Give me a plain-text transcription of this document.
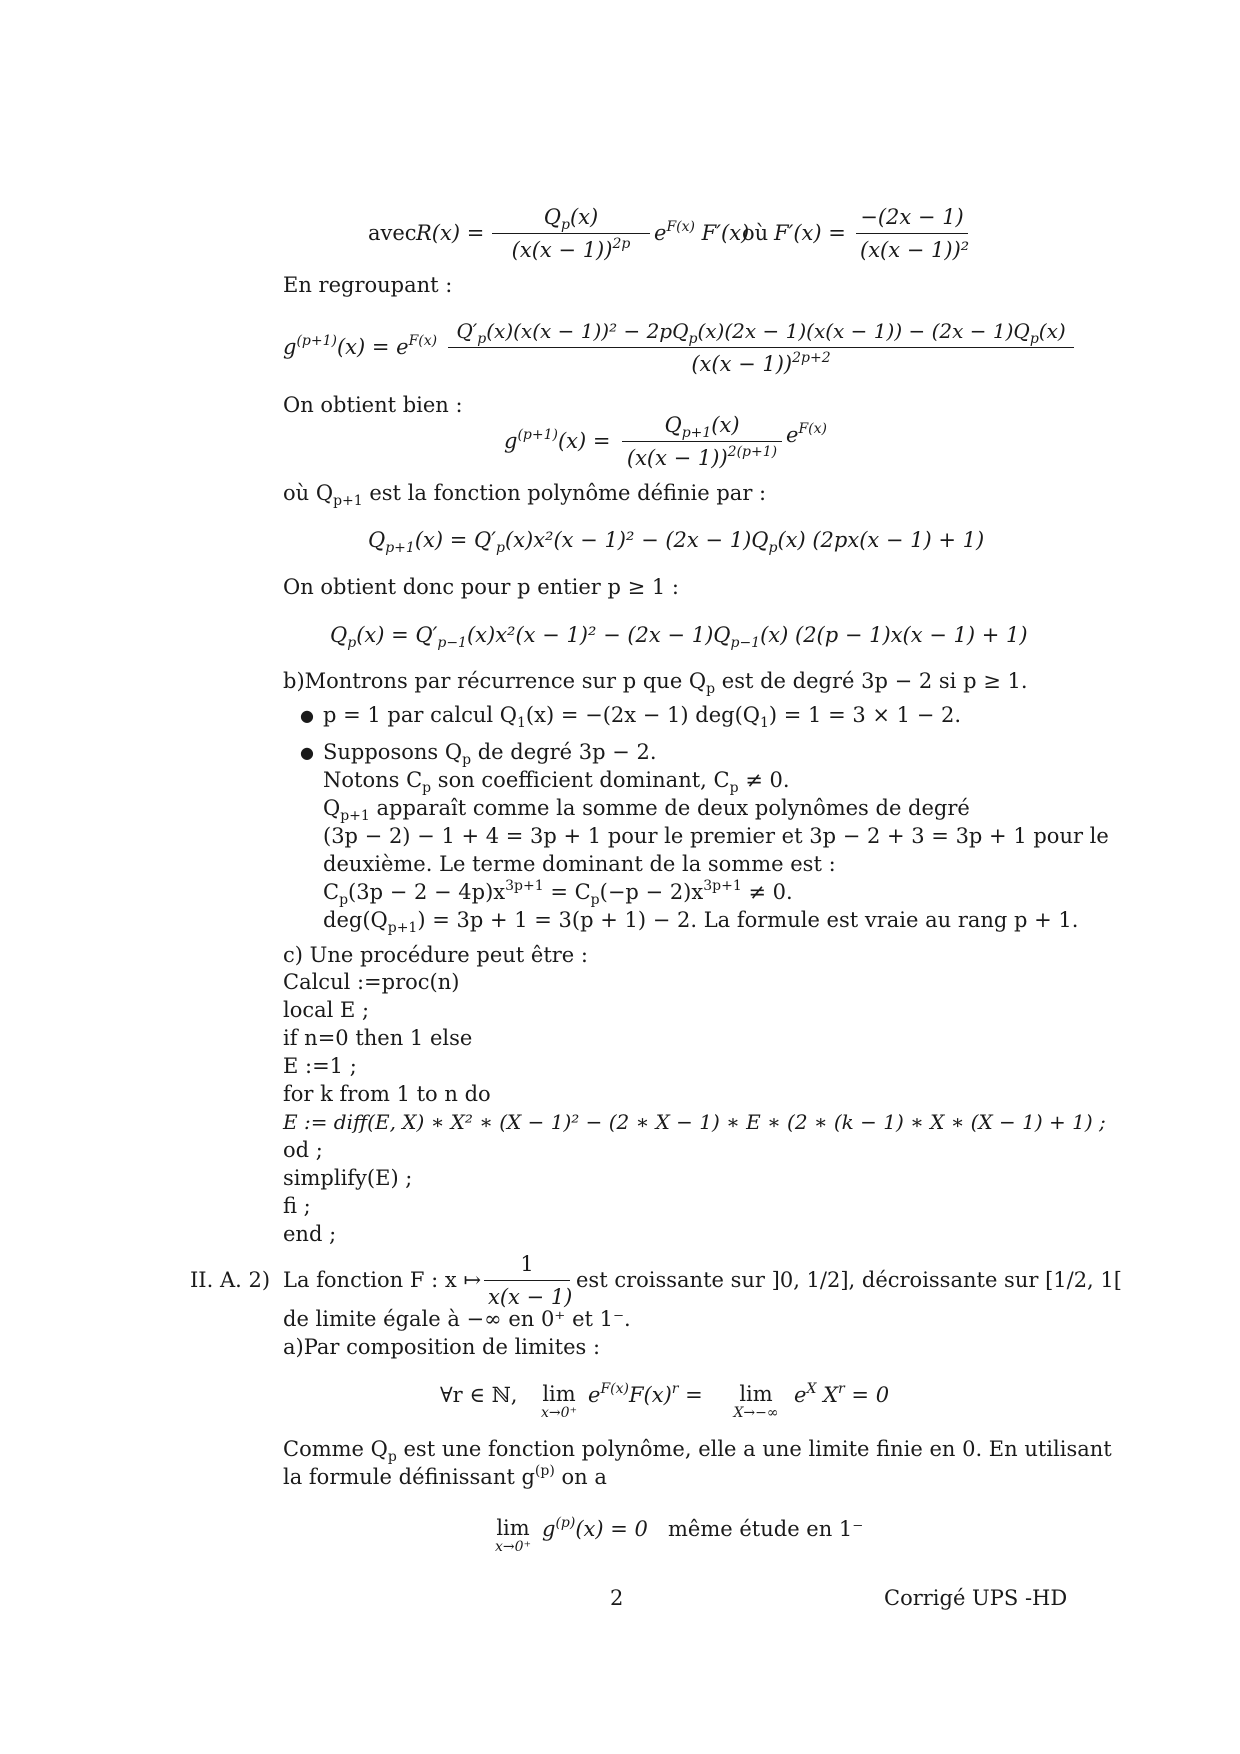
avec R(x) =
$Q_p(x)$
$(x(x - 1))^{2p}$	$e^{F(x)}$ F′(x)
où F′(x) =
−(2x − 1)
(x(x − 1))²
En regroupant :
$g^{(p+1)}(x) = e^{F(x)}$ $Q'_p(x)(x(x - 1))^2 - 2pQ_p(x)(2x - 1)(x(x - 1)) - (2x - 1)Q_p(x)$
$(x(x - 1))^{2p+2}$
On obtient bien :
$g^{(p+1)}(x)$ =
$Q_{p+1}(x)$
$(x(x - 1))^{2(p+1)}$
$e^{F(x)}$
où $Q_{p+1}$ est la fonction polynôme définie par :
$Q_{p+1}(x) = Q'_p(x)x^2(x - 1)^2 - (2x - 1)Q_p(x) (2px(x - 1) + 1)$
On obtient donc pour p entier p ≥ 1 :
$Q_p(x) = Q'_{p-1}(x)x^2(x - 1)^2 - (2x - 1)Q_{p-1}(x) (2(p - 1)x(x - 1) + 1)$
b)Montrons par récurrence sur p que $Q_p$ est de degré 3p − 2 si p ≥ 1.
● p = 1 par calcul $Q_1(x) = -(2x - 1) deg(Q_1) = 1 = 3 \times 1 - 2$.
● Supposons $Q_p$ de degré 3p − 2.
Notons $C_p$ son coefficient dominant, $C_p \ne 0$.
$Q_{p+1}$ apparaît comme la somme de deux polynômes de degré
(3p − 2) − 1 + 4 = 3p + 1 pour le premier et 3p − 2 + 3 = 3p + 1 pour le
deuxième. Le terme dominant de la somme est :
$C_p(3p - 2 - 4p)x^{3p+1} = C_p(-p - 2)x^{3p+1} \ne 0$.
$deg(Q_{p+1}) = 3p + 1 = 3(p + 1) - 2$. La formule est vraie au rang p + 1.
c) Une procédure peut être :
Calcul :=proc(n)
local E ;
if n=0 then 1 else
E :=1 ;
for k from 1 to n do
E := diff(E, X) ∗ X² ∗ (X − 1)² − (2 ∗ X − 1) ∗ E ∗ (2 ∗ (k − 1) ∗ X ∗ (X − 1) + 1) ;
od ;
simplify(E) ;
fi ;
end ;
II. A. 2) La fonction F : x ↦
1
x(x − 1)
est croissante sur ]0, 1/2], décroissante sur [1/2, 1[
de limite égale à −∞ en 0⁺ et 1⁻.
a)Par composition de limites :
∀r ∈ ℕ,	lim
x→0⁺
$e^{F(x)}F(x)^r$ =	lim
X→−∞
$e^X$ $X^r = 0$
Comme $Q_p$ est une fonction polynôme, elle a une limite finie en 0. En utilisant
la formule définissant $g^{(p)}$ on a
lim
x→0⁺
$g^{(p)}(x) = 0$ même étude en 1⁻
2	Corrigé UPS -HD
